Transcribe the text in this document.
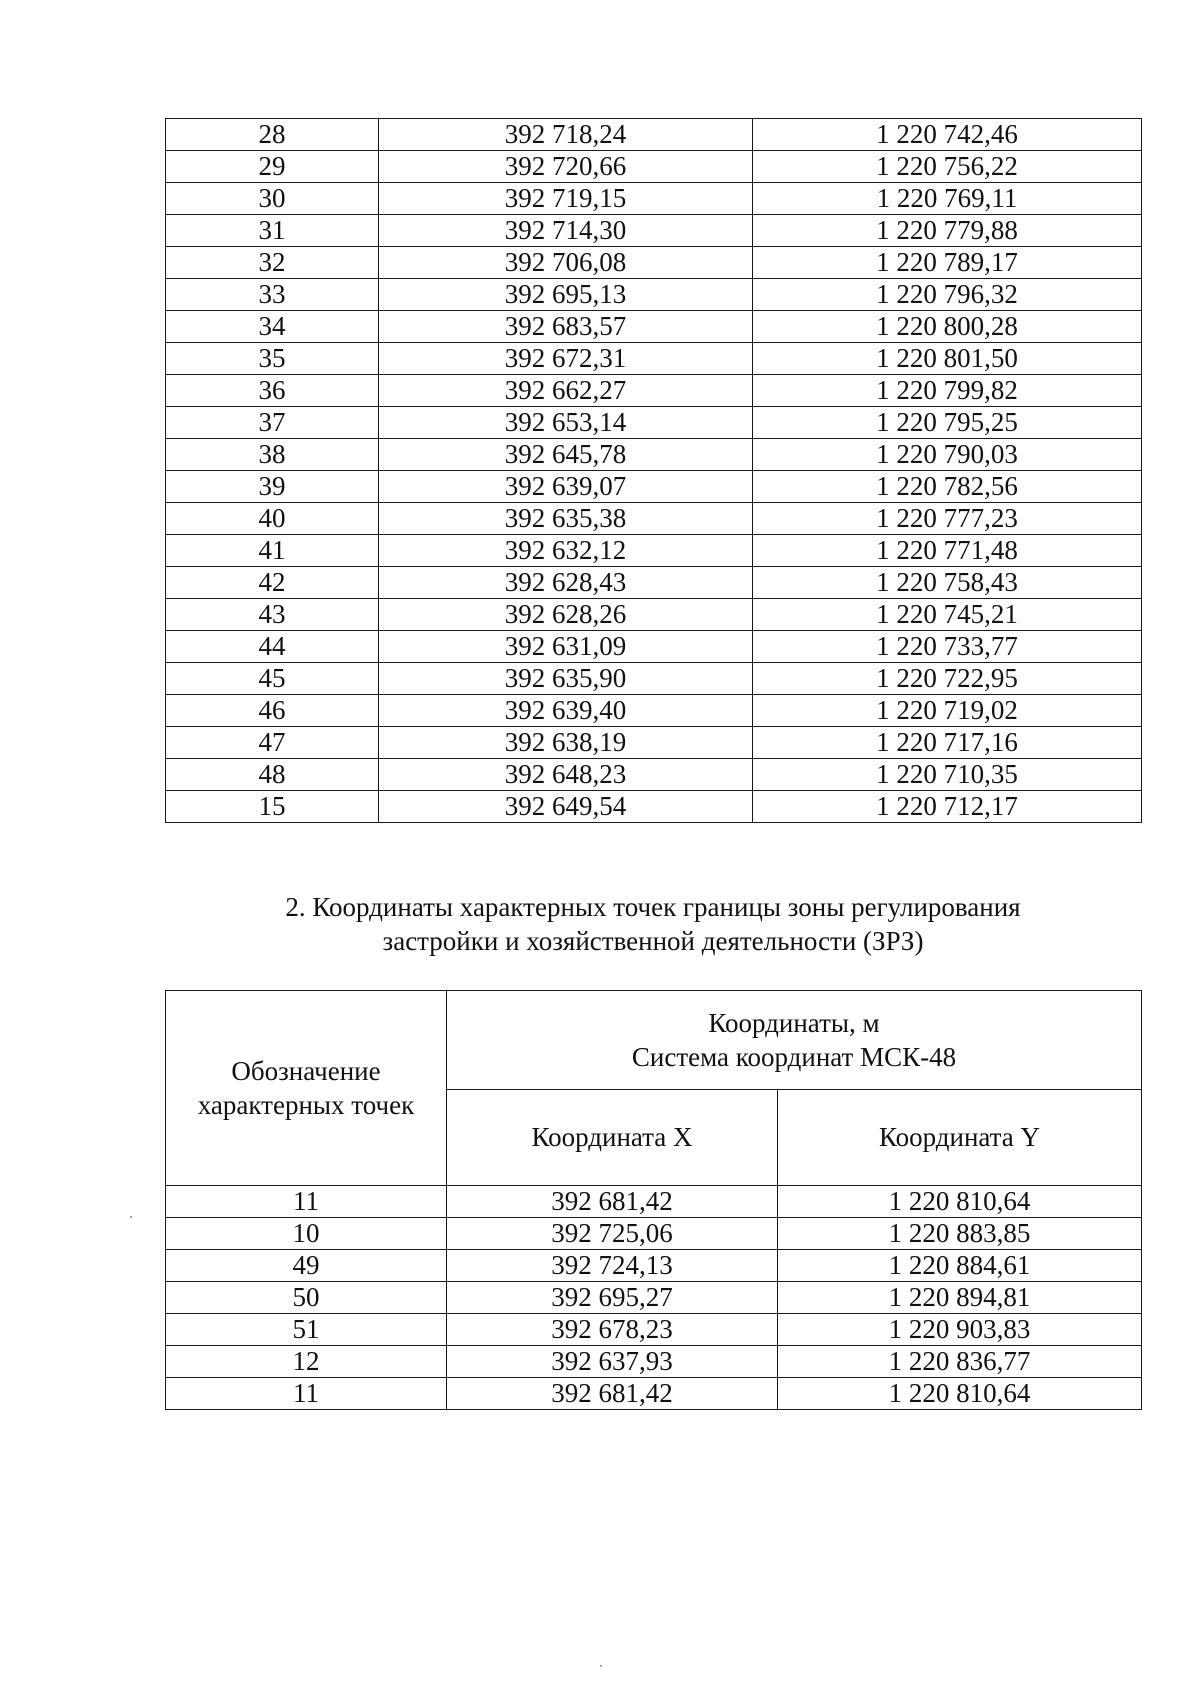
28	392 718,24	1 220 742,46
29	392 720,66	1 220 756,22
30	392 719,15	1 220 769,11
31	392 714,30	1 220 779,88
32	392 706,08	1 220 789,17
33	392 695,13	1 220 796,32
34	392 683,57	1 220 800,28
35	392 672,31	1 220 801,50
36	392 662,27	1 220 799,82
37	392 653,14	1 220 795,25
38	392 645,78	1 220 790,03
39	392 639,07	1 220 782,56
40	392 635,38	1 220 777,23
41	392 632,12	1 220 771,48
42	392 628,43	1 220 758,43
43	392 628,26	1 220 745,21
44	392 631,09	1 220 733,77
45	392 635,90	1 220 722,95
46	392 639,40	1 220 719,02
47	392 638,19	1 220 717,16
48	392 648,23	1 220 710,35
15	392 649,54	1 220 712,17
2. Координаты характерных точек границы зоны регулирования
застройки и хозяйственной деятельности (ЗРЗ)
Обозначение
характерных точек	Координаты, м
Система координат МСК-48	

	Координата X	Координата Y
11	392 681,42	1 220 810,64
10	392 725,06	1 220 883,85
49	392 724,13	1 220 884,61
50	392 695,27	1 220 894,81
51	392 678,23	1 220 903,83
12	392 637,93	1 220 836,77
11	392 681,42	1 220 810,64
